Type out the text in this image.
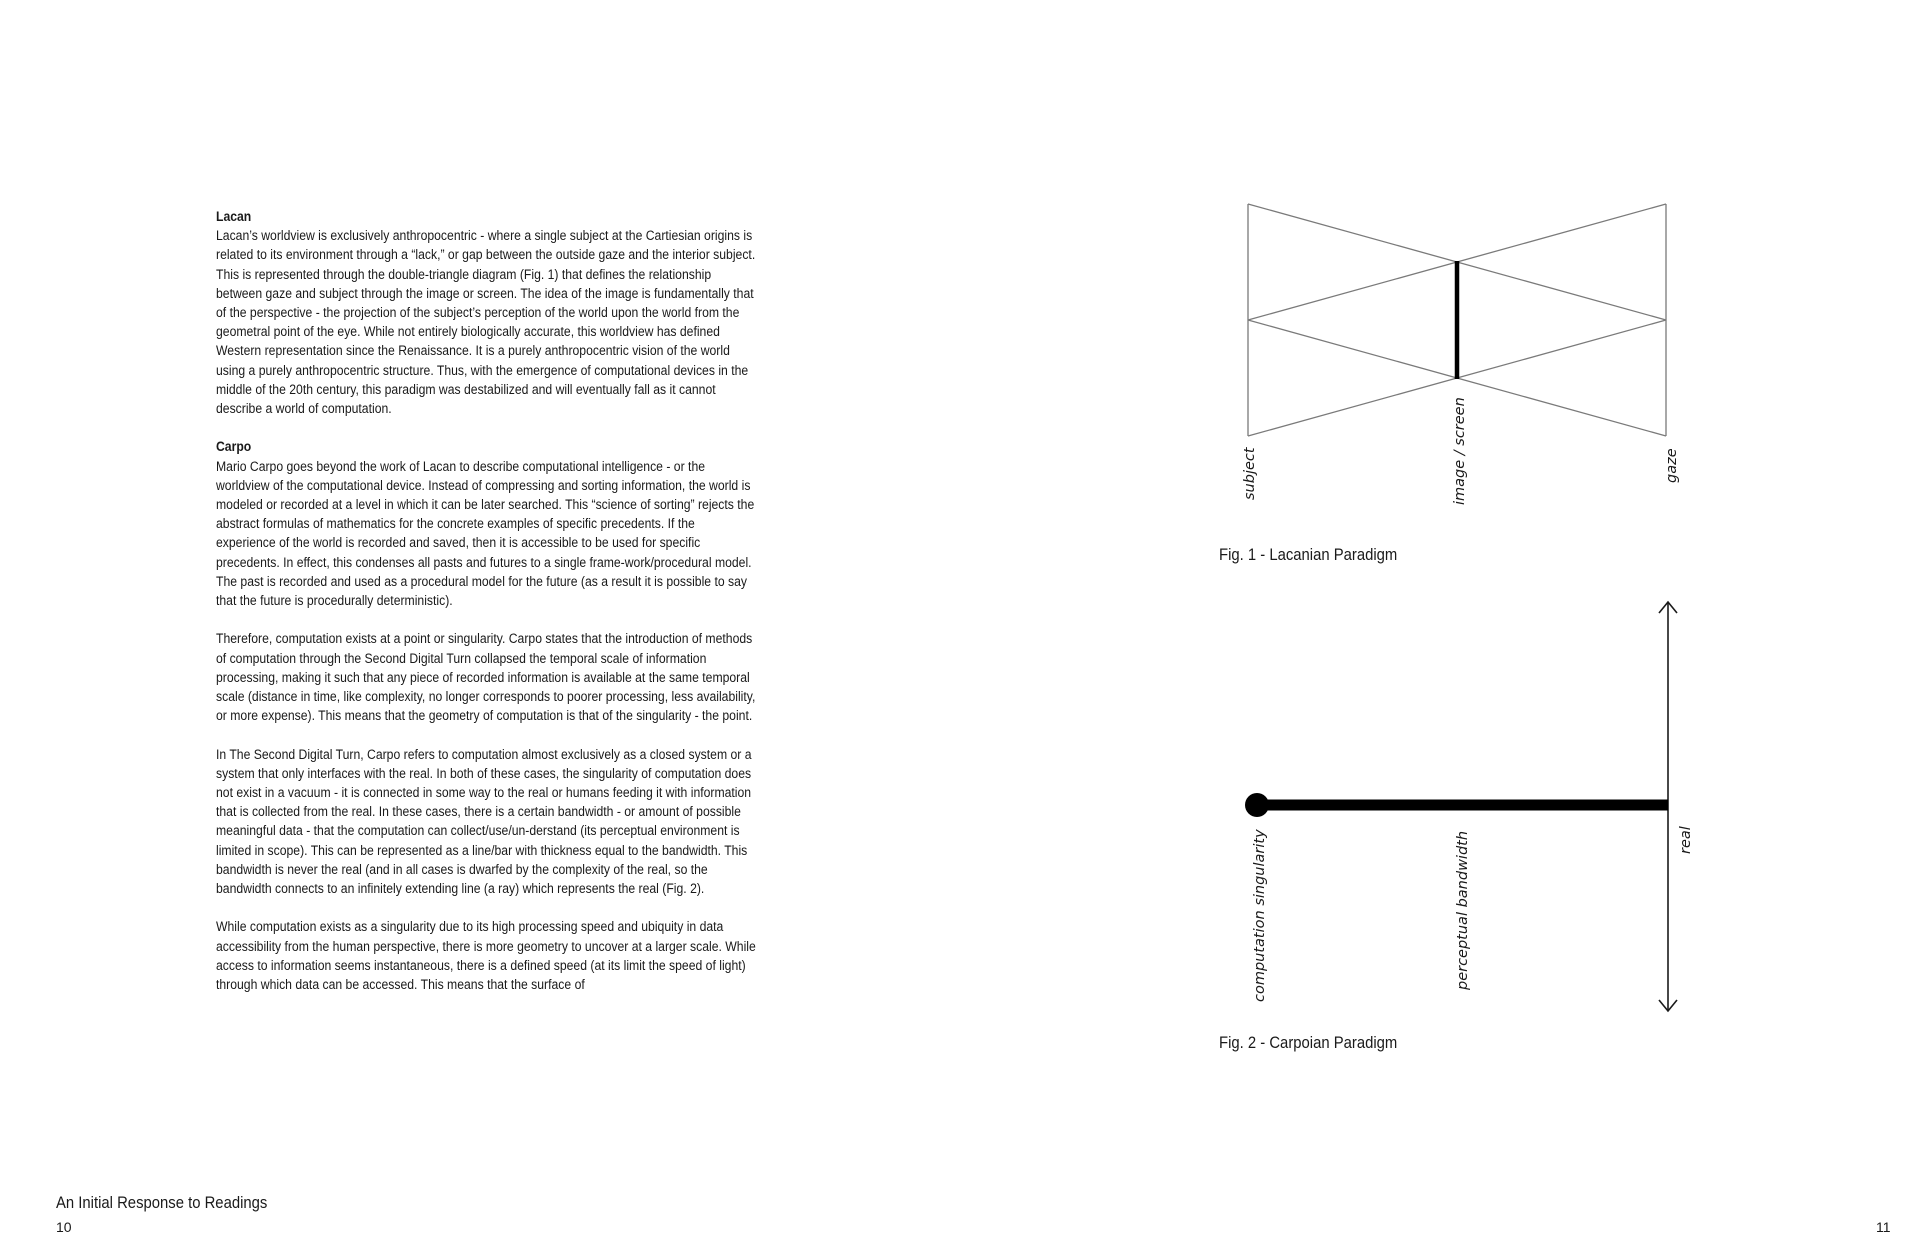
Lacan

Lacan’s worldview is exclusively anthropocentric - where a single subject at the Cartiesian origins is related to its environment through a “lack,” or gap between the outside gaze and the interior subject. This is represented through the double-triangle diagram (Fig. 1) that defines the relationship between gaze and subject through the image or screen. The idea of the image is fundamentally that of the perspective - the projection of the subject’s perception of the world upon the world from the geometral point of the eye. While not entirely biologically accurate, this worldview has defined Western representation since the Renaissance. It is a purely anthropocentric vision of the world using a purely anthropocentric structure. Thus, with the emergence of computational devices in the middle of the 20th century, this paradigm was destabilized and will eventually fall as it cannot describe a world of computation.

Carpo

Mario Carpo goes beyond the work of Lacan to describe computational intelligence - or the worldview of the computational device. Instead of compressing and sorting information, the world is modeled or recorded at a level in which it can be later searched. This “science of sorting” rejects the abstract formulas of mathematics for the concrete examples of specific precedents. If the experience of the world is recorded and saved, then it is accessible to be used for specific precedents. In effect, this condenses all pasts and futures to a single frame-work/procedural model. The past is recorded and used as a procedural model for the future (as a result it is possible to say that the future is procedurally deterministic).

Therefore, computation exists at a point or singularity. Carpo states that the introduction of methods of computation through the Second Digital Turn collapsed the temporal scale of information processing, making it such that any piece of recorded information is available at the same temporal scale (distance in time, like complexity, no longer corresponds to poorer processing, less availability, or more expense). This means that the geometry of computation is that of the singularity - the point.

In The Second Digital Turn, Carpo refers to computation almost exclusively as a closed system or a system that only interfaces with the real. In both of these cases, the singularity of computation does not exist in a vacuum - it is connected in some way to the real or humans feeding it with information that is collected from the real. In these cases, there is a certain bandwidth - or amount of possible meaningful data - that the computation can collect/use/un-derstand (its perceptual environment is limited in scope). This can be represented as a line/bar with thickness equal to the bandwidth. This bandwidth is never the real (and in all cases is dwarfed by the complexity of the real, so the bandwidth connects to an infinitely extending line (a ray) which represents the real (Fig. 2).

While computation exists as a singularity due to its high processing speed and ubiquity in data accessibility from the human perspective, there is more geometry to uncover at a larger scale. While access to information seems instantaneous, there is a defined speed (at its limit the speed of light) through which data can be accessed. This means that the surface of

An Initial Response to Readings
10	11
subject	image / screen	gaze
computation singularity	perceptual bandwidth	real
Fig. 1 - Lacanian Paradigm
Fig. 2 - Carpoian Paradigm
